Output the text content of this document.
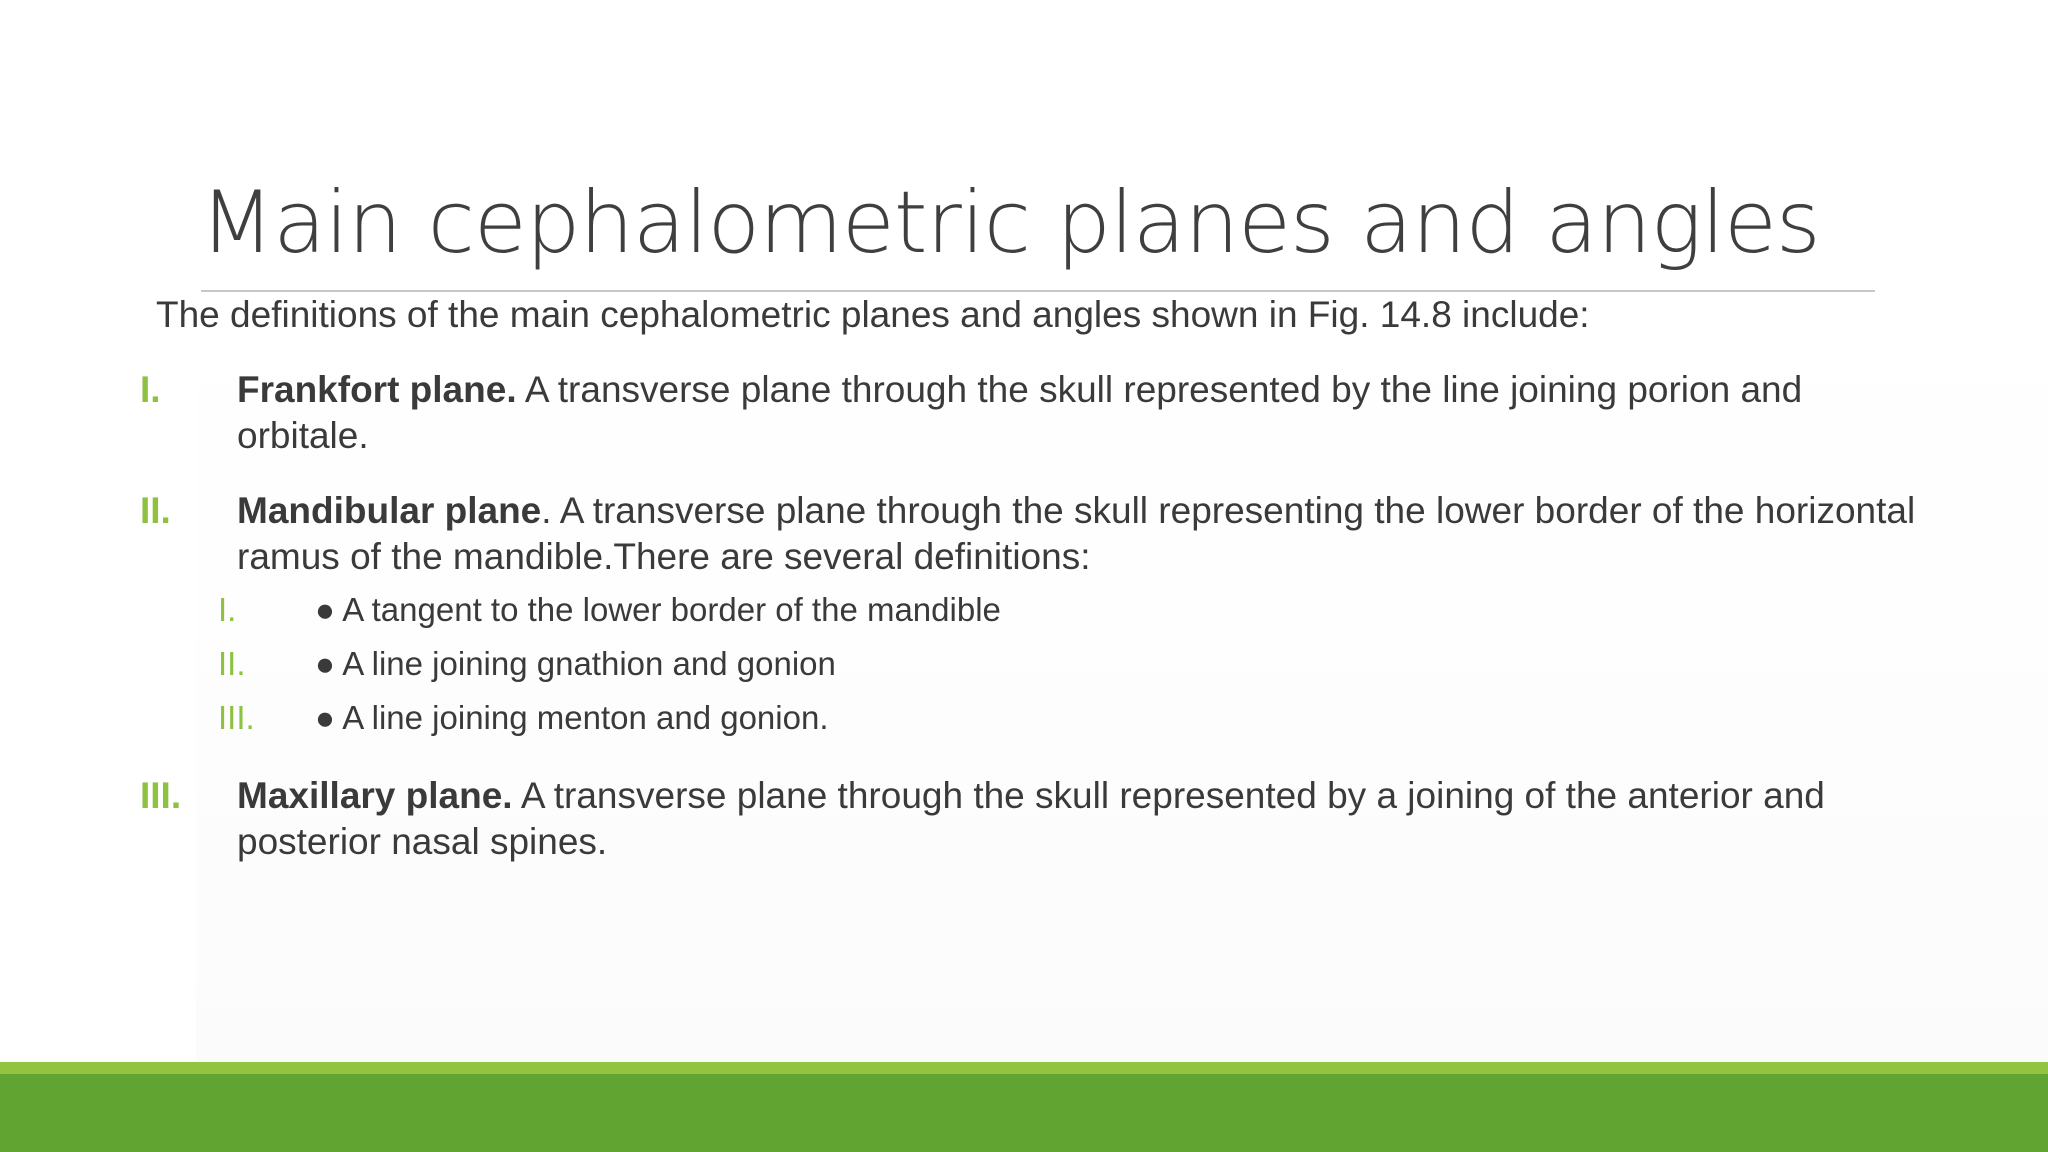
Main cephalometric planes and angles
The definitions of the main cephalometric planes and angles shown in Fig. 14.8 include:
I. Frankfort plane. A transverse plane through the skull represented by the line joining porion and orbitale.
II. Mandibular plane. A transverse plane through the skull representing the lower border of the horizontal ramus of the mandible.There are several definitions:
I. ● A tangent to the lower border of the mandible
II. ● A line joining gnathion and gonion
III. ● A line joining menton and gonion.
III. Maxillary plane. A transverse plane through the skull represented by a joining of the anterior and posterior nasal spines.
